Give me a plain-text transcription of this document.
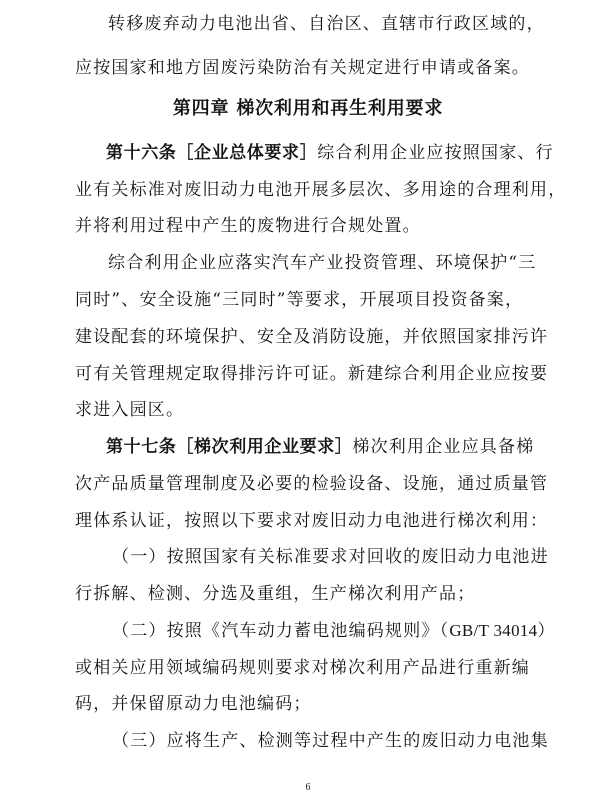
转移废弃动力电池出省、自治区、直辖市行政区域的，
应按国家和地方固废污染防治有关规定进行申请或备案。
第四章 梯次利用和再生利用要求
第十六条［企业总体要求］综合利用企业应按照国家、行
业有关标准对废旧动力电池开展多层次、多用途的合理利用，
并将利用过程中产生的废物进行合规处置。
综合利用企业应落实汽车产业投资管理、环境保护“三
同时”、安全设施“三同时”等要求，开展项目投资备案，
建设配套的环境保护、安全及消防设施，并依照国家排污许
可有关管理规定取得排污许可证。新建综合利用企业应按要
求进入园区。
第十七条［梯次利用企业要求］梯次利用企业应具备梯
次产品质量管理制度及必要的检验设备、设施，通过质量管
理体系认证，按照以下要求对废旧动力电池进行梯次利用：
（一）按照国家有关标准要求对回收的废旧动力电池进
行拆解、检测、分选及重组，生产梯次利用产品；
（二）按照《汽车动力蓄电池编码规则》（GB/T 34014）
或相关应用领域编码规则要求对梯次利用产品进行重新编
码，并保留原动力电池编码；
（三）应将生产、检测等过程中产生的废旧动力电池集
6
